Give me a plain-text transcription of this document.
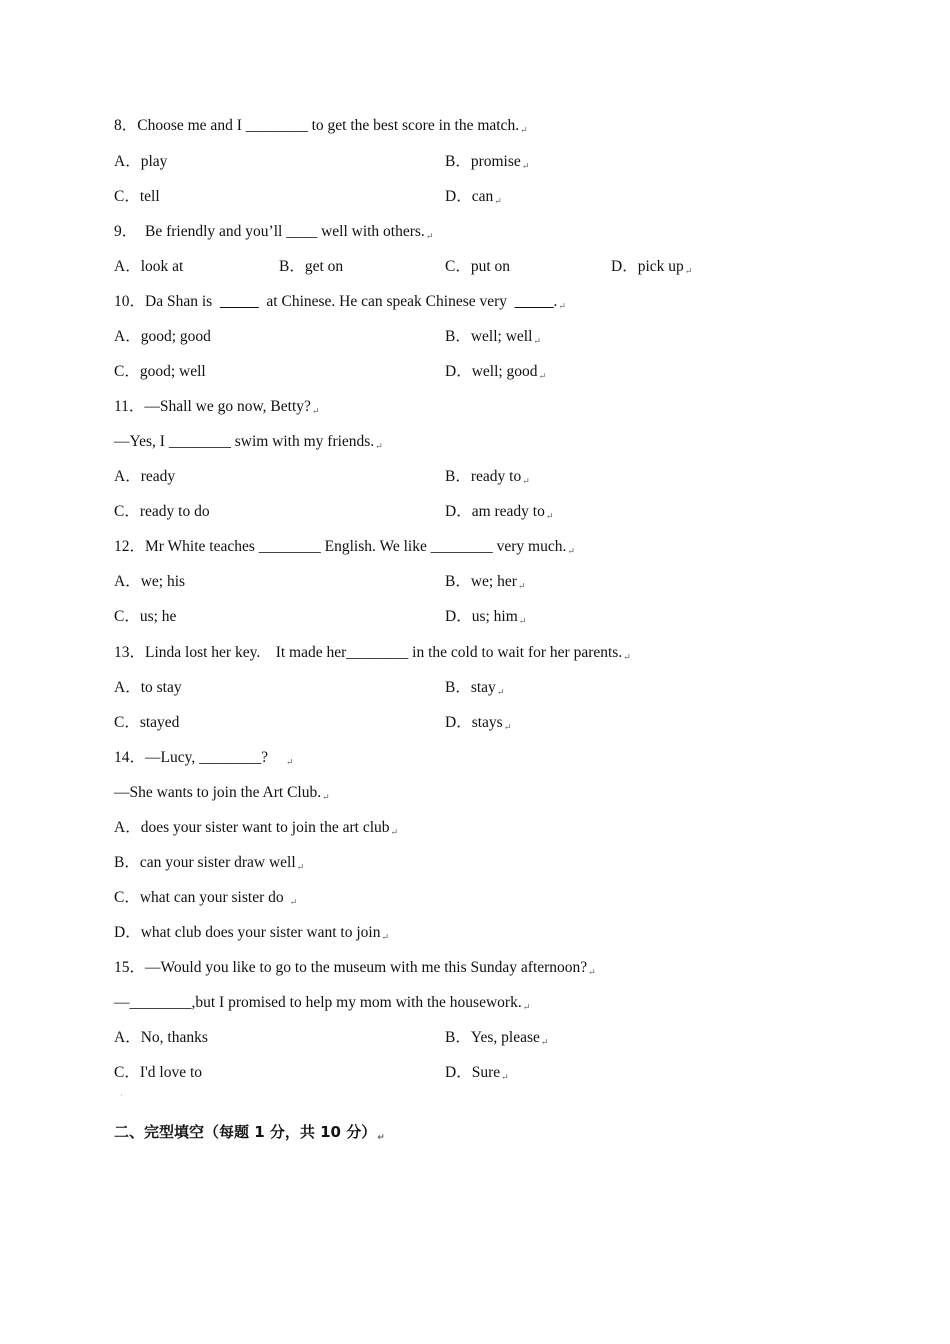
8．Choose me and I ________ to get the best score in the match.↵
A．play	B．promise↵
C．tell	D．can↵
9．  Be friendly and you’ll ____ well with others.↵
A．look at	B．get on	C．put on	D．pick up↵
10．Da Shan is  _____  at Chinese. He can speak Chinese very  _____.↵
A．good; good	B．well; well↵
C．good; well	D．well; good↵
11．—Shall we go now, Betty?↵
—Yes, I ________ swim with my friends.↵
A．ready	B．ready to↵
C．ready to do	D．am ready to↵
12．Mr White teaches ________ English. We like ________ very much.↵
A．we; his	B．we; her↵
C．us; he	D．us; him↵
13．Linda lost her key.    It made her________ in the cold to wait for her parents.↵
A．to stay	B．stay↵
C．stayed	D．stays↵
14．—Lucy, ________? ↵
—She wants to join the Art Club.↵
A．does your sister want to join the art club↵
B．can your sister draw well↵
C．what can your sister do ↵
D．what club does your sister want to join↵
15．—Would you like to go to the museum with me this Sunday afternoon?↵
—________,but I promised to help my mom with the housework.↵
A．No, thanks	B．Yes, please↵
C．I'd love to	D．Sure↵
·
二、完型填空（每题 1 分，共 10 分）$_↵$
